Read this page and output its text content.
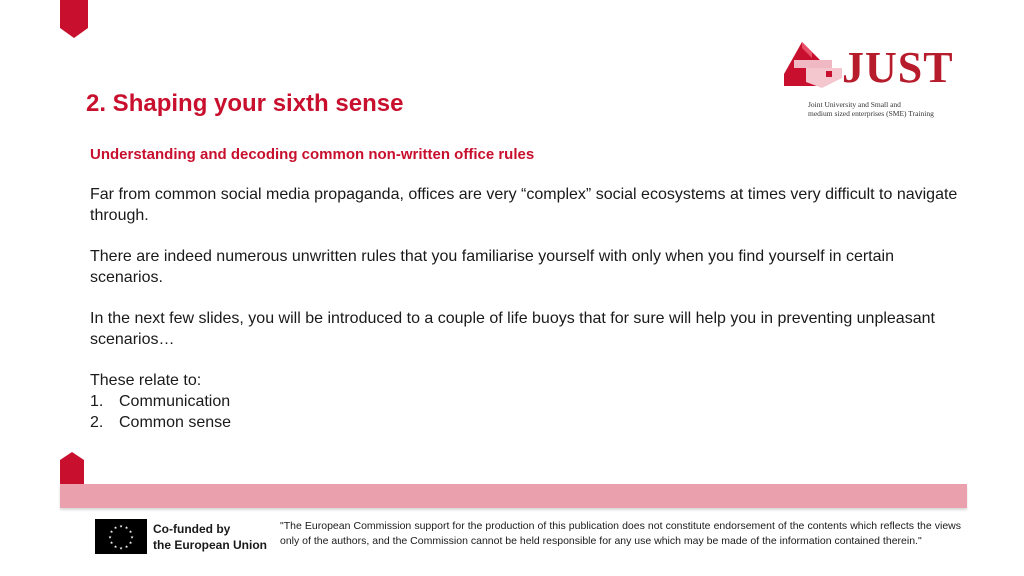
2. Shaping your sixth sense
JUST
Joint University and Small and
medium sized enterprises (SME) Training

Understanding and decoding common non-written office rules

Far from common social media propaganda, offices are very “complex” social ecosystems at times very difficult to navigate through.

There are indeed numerous unwritten rules that you familiarise yourself with only when you find yourself in certain scenarios.

In the next few slides, you will be introduced to a couple of life buoys that for sure will help you in preventing unpleasant scenarios…

These relate to:

1. Communication
2. Common sense
★ ★
★
★
★
★
★
★
★
★
★
★	Co-funded by
the European Union

"The European Commission support for the production of this publication does not constitute endorsement of the contents which reflects the views only of the authors, and the Commission cannot be held responsible for any use which may be made of the information contained therein."
